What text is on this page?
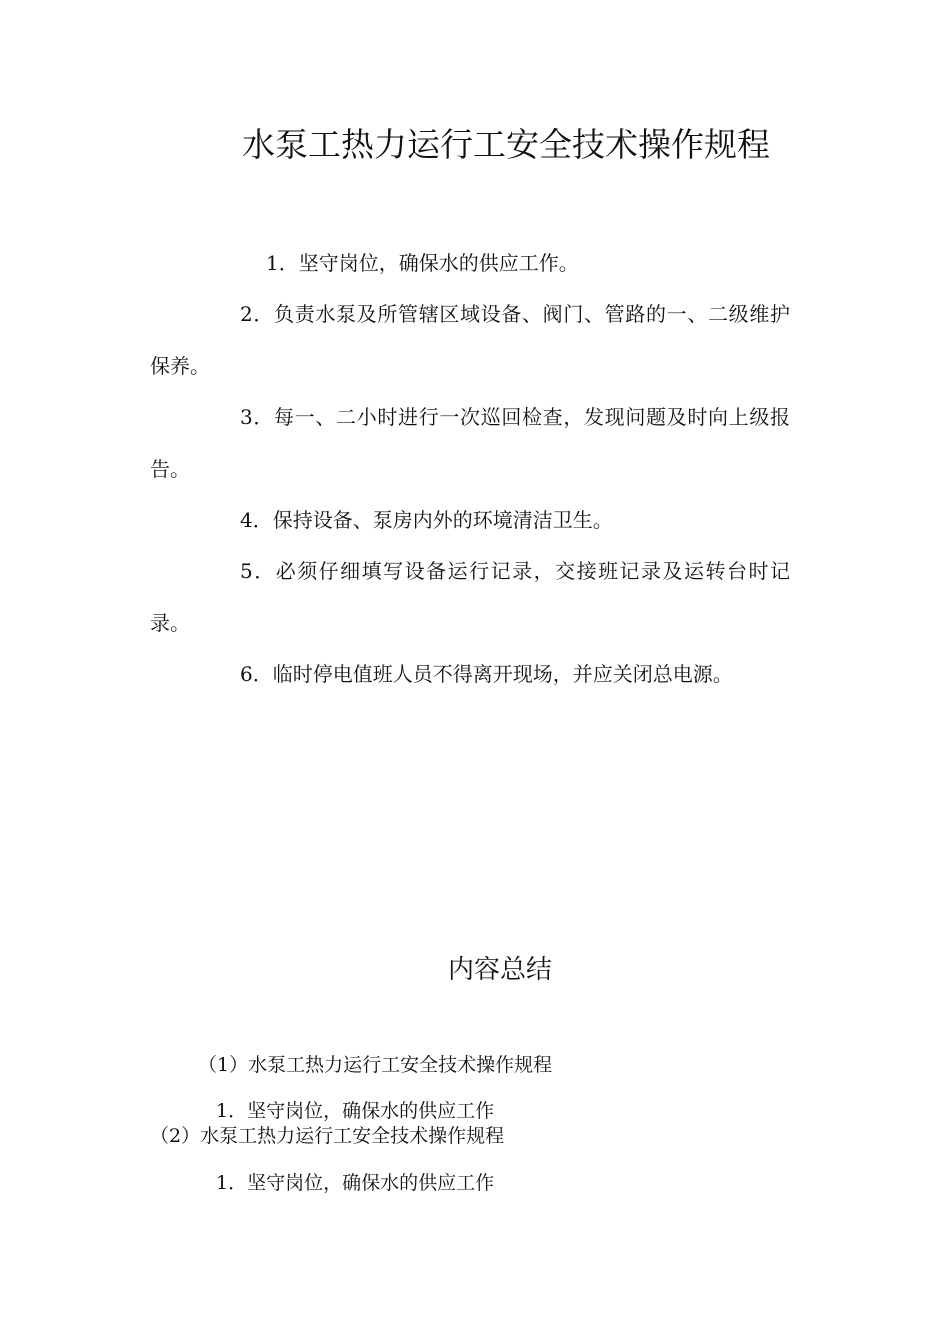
水泵工热力运行工安全技术操作规程

1．坚守岗位，确保水的供应工作。

2．负责水泵及所管辖区域设备、阀门、管路的一、二级维护保养。

3．每一、二小时进行一次巡回检查，发现问题及时向上级报告。

4．保持设备、泵房内外的环境清洁卫生。

5．必须仔细填写设备运行记录，交接班记录及运转台时记录。

6．临时停电值班人员不得离开现场，并应关闭总电源。

内容总结

（1）水泵工热力运行工安全技术操作规程

1．坚守岗位，确保水的供应工作

（2）水泵工热力运行工安全技术操作规程

1．坚守岗位，确保水的供应工作
